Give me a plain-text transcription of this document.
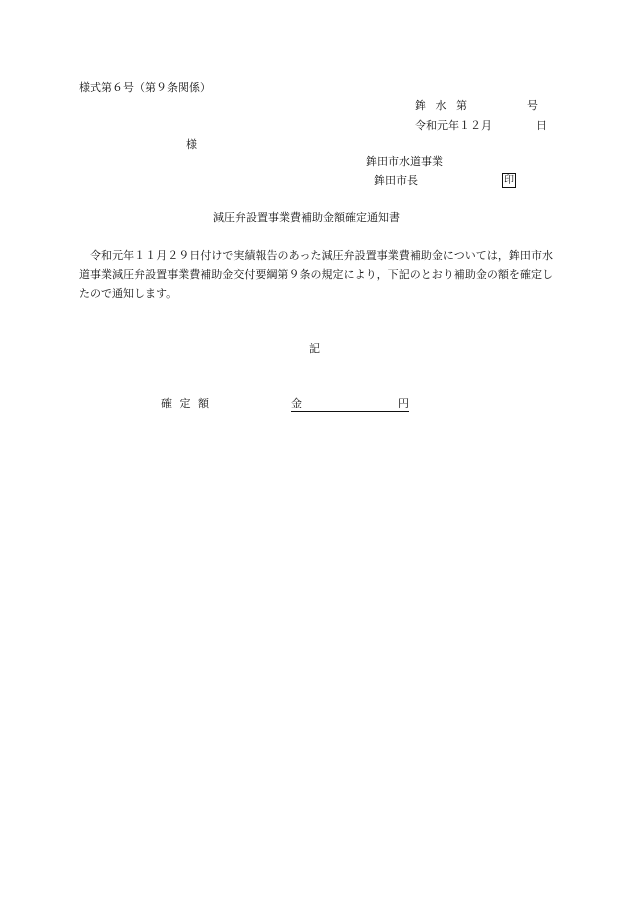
様式第６号（第９条関係）
鉾 水 第	号
令和元年１２月	日
様
鉾田市水道事業
鉾田市長	印
減圧弁設置事業費補助金額確定通知書
令和元年１１月２９日付けで実績報告のあった減圧弁設置事業費補助金については，鉾田市水道事業減圧弁設置事業費補助金交付要綱第９条の規定により，下記のとおり補助金の額を確定したので通知します。
記
確 定 額	金	円
